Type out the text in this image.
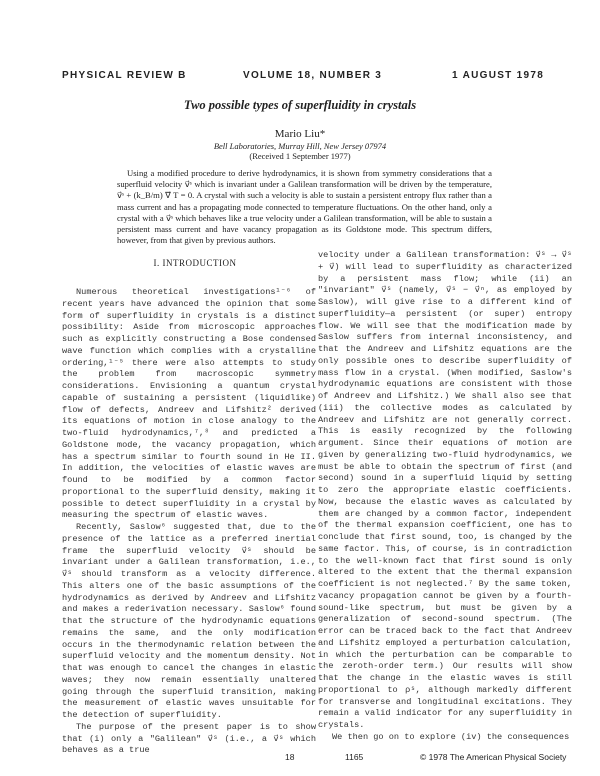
PHYSICAL REVIEW B	VOLUME 18, NUMBER 3	1 AUGUST 1978
Two possible types of superfluidity in crystals
Mario Liu*
Bell Laboratories, Murray Hill, New Jersey 07974
(Received 1 September 1977)
Using a modified procedure to derive hydrodynamics, it is shown from symmetry considerations that a superfluid velocity v⃗ˢ which is invariant under a Galilean transformation will be driven by the temperature, v⃗ˢ + (k_B/m) ∇⃗ T = 0. A crystal with such a velocity is able to sustain a persistent entropy flux rather than a mass current and has a propagating mode connected to temperature fluctuations. On the other hand, only a crystal with a v⃗ˢ which behaves like a true velocity under a Galilean transformation, will be able to sustain a persistent mass current and have vacancy propagation as its Goldstone mode. This spectrum differs, however, from that given by previous authors.
I. INTRODUCTION

Numerous theoretical investigations¹⁻⁶ of recent years have advanced the opinion that some form of superfluidity in crystals is a distinct possibility: Aside from microscopic approaches such as explicitly constructing a Bose condensed wave function which complies with a crystalline ordering,¹⁻⁵ there were also attempts to study the problem from macroscopic symmetry considerations. Envisioning a quantum crystal capable of sustaining a persistent (liquidlike) flow of defects, Andreev and Lifshitz² derived its equations of motion in close analogy to the two-fluid hydrodynamics,⁷,⁸ and predicted a Goldstone mode, the vacancy propagation, which has a spectrum similar to fourth sound in He II. In addition, the velocities of elastic waves are found to be modified by a common factor proportional to the superfluid density, making it possible to detect superfluidity in a crystal by measuring the spectrum of elastic waves.

Recently, Saslow⁶ suggested that, due to the presence of the lattice as a preferred inertial frame the superfluid velocity v⃗ˢ should be invariant under a Galilean transformation, i.e., v⃗ˢ should transform as a velocity difference. This alters one of the basic assumptions of the hydrodynamics as derived by Andreev and Lifshitz and makes a rederivation necessary. Saslow⁶ found that the structure of the hydrodynamic equations remains the same, and the only modification occurs in the thermodynamic relation between the superfluid velocity and the momentum density. Not that was enough to cancel the changes in elastic waves; they now remain essentially unaltered going through the superfluid transition, making the measurement of elastic waves unsuitable for the detection of superfluidity.

The purpose of the present paper is to show that (i) only a "Galilean" v⃗ˢ (i.e., a v⃗ˢ which behaves as a true

velocity under a Galilean transformation: v⃗ˢ → v⃗ˢ + v⃗) will lead to superfluidity as characterized by a persistent mass flow; while (ii) an "invariant" v⃗ˢ (namely, v⃗ˢ − v⃗ⁿ, as employed by Saslow), will give rise to a different kind of superfluidity—a persistent (or super) entropy flow. We will see that the modification made by Saslow suffers from internal inconsistency, and that the Andreev and Lifshitz equations are the only possible ones to describe superfluidity of mass flow in a crystal. (When modified, Saslow's hydrodynamic equations are consistent with those of Andreev and Lifshitz.) We shall also see that (iii) the collective modes as calculated by Andreev and Lifshitz are not generally correct. This is easily recognized by the following argument. Since their equations of motion are given by generalizing two-fluid hydrodynamics, we must be able to obtain the spectrum of first (and second) sound in a superfluid liquid by setting to zero the appropriate elastic coefficients. Now, because the elastic waves as calculated by them are changed by a common factor, independent of the thermal expansion coefficient, one has to conclude that first sound, too, is changed by the same factor. This, of course, is in contradiction to the well-known fact that first sound is only altered to the extent that the thermal expansion coefficient is not neglected.⁷ By the same token, vacancy propagation cannot be given by a fourth-sound-like spectrum, but must be given by a generalization of second-sound spectrum. (The error can be traced back to the fact that Andreev and Lifshitz employed a perturbation calculation, in which the perturbation can be comparable to the zeroth-order term.) Our results will show that the change in the elastic waves is still proportional to ρˢ, although markedly different for transverse and longitudinal excitations. They remain a valid indicator for any superfluidity in crystals.

We then go on to explore (iv) the consequences

18	1165	© 1978 The American Physical Society
